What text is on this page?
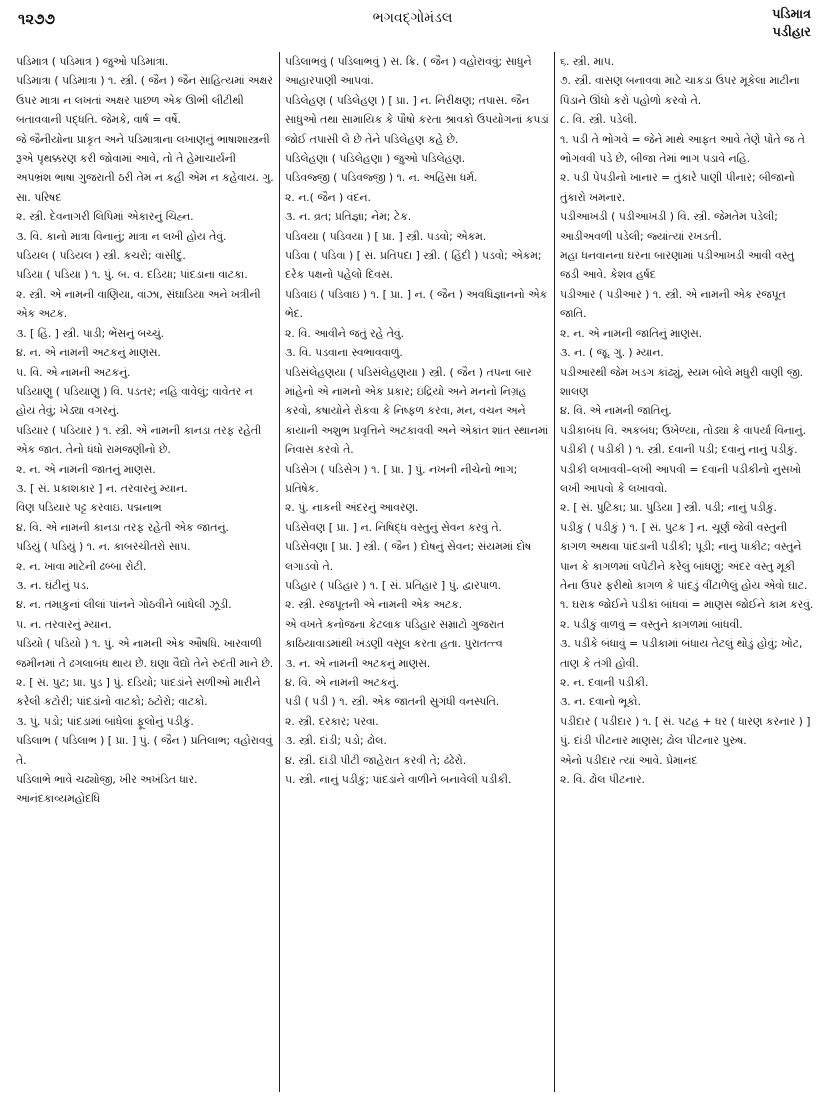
૧૨૭૭	ભગવદ્ગોમંડલ	પડિમાત્ર
પડીહાર

પડિમાત્ર ( પડિમાત્ર ) જુઓ પડિમાત્રા.

પડિમાત્રા ( પડિમાત્રા ) ૧. સ્ત્રી. ( જૈન ) જૈન સાહિત્યમાં અક્ષર ઉપર માત્રા ન લખતાં અક્ષર પાછળ એક ઊભી લીટીથી બતાવવાની પદ્ધતિ. જેમકે, વાર્ષ = વર્ષે.

જે જૈનીયોના પ્રાકૃત અને પડિમાત્રાના લખાણનું ભાષાશાસ્ત્રની રૂએ પૃથક્કરણ કરી જોવામાં આવે, તો તે હેમાચાર્યની અપભ્રંશ ભાષા ગુજરાતી ઠરી તેમ ન કહી એમ ન કહેવાય. ગુ. સા. પરિષદ

૨. સ્ત્રી. દેવનાગરી લિપિમાં એકારનું ચિહ્ન.

૩. વિ. કાનો માત્રા વિનાનું; માત્રા ન લખી હોય તેવું.

પડિયલ ( પડિયલ ) સ્ત્રી. કચરો; વાસીદું.

પડિયા ( પડિયા ) ૧. પું. બ. વ. દડિયા; પાંદડાના વાટકા.

૨. સ્ત્રી. એ નામની વાણિયા, વાંઝા, સંઘાડિયા અને ખત્રીની એક અટક.

૩. [ હિં. ] સ્ત્રી. પાડી; ભેંસનું બચ્ચું.

૪. ન. એ નામની અટકનું માણસ.

૫. વિ. એ નામની અટકનું.

પડિયાણુ ( પડિયાણુ ) વિ. પડતર; નહિ વાવેલું; વાવેતર ન હોય તેવું; ખેડ્યા વગરનું.

પડિયાર ( પડિયાર ) ૧. સ્ત્રી. એ નામની કાનડા તરફ રહેતી એક જાત. તેનો ધંધો રામજણીનો છે.

૨. ન. એ નામની જાતનું માણસ.

૩. [ સં. પ્રકાશકાર ] ન. તરવારનું મ્યાન.

વિણ પડિયાર પટ્ટ કરવાઇ. પદ્મનાભ

૪. વિ. એ નામની કાનડા તરફ રહેતી એક જાતનું.

પડિયું ( પડિયું ) ૧. ન. કાબરચીતરો સાપ.

૨. ન. ખાવા માટેની ઢબ્બા રોટી.

૩. ન. ઘંટીનું પડ.

૪. ન. તમાકુનાં લીલાં પાંનને ગોઠવીને બાંધેલી ઝૂડી.

૫. ન. તરવારનું મ્યાન.

પડિયો ( પડિયો ) ૧. પું. એ નામની એક ઔષધિ. ખારવાળી જમીનમાં તે ઢગલાબંધ થાય છે. ઘણા વૈદ્યો તેને રુદંતી માને છે.

૨. [ સં. પુટ; પ્રા. પુડ ] પું. દડિયો; પાંદડાંને સળીઓ મારીને કરેલી કટોરી; પાંદડાંનો વાટકો; ઠટોરો; વાટકો.

૩. પું. પડો; પાંદડામાં બાંધેલાં ફૂલોનું પડીકું.

પડિલાભ ( પડિલાભ ) [ પ્રા. ] પું. ( જૈન ) પ્રતિલાભ; વહોરાવવું તે.

પડિલાભે ભાવે ચઢ્યોજી, ખીર અખંડિત ધાર. આનંદકાવ્યમહોદધિ

પડિલાભવું ( પડિલાભવું ) સ. ક્રિ. ( જૈન ) વહોરાવવું; સાધુને આહારપાણી આપવાં.

પડિલેહણ ( પડિલેહણ ) [ પ્રા. ] ન. નિરીક્ષણ; તપાસ. જૈન સાધુઓ તથા સામાયિક કે પૌષો કરતા શ્રાવકો ઉપયોગનાં કપડાં જોઈ તપાસી લે છે તેને પડિલેહણ કહે છે.

પડિલેહણા ( પડિલેહણા ) જુઓ પડિલેહણ.

પડિવજ્જી ( પડિવજ્જી ) ૧. ન. અહિંસા ધર્મ.

૨. ન.( જૈન ) વંદન.

૩. ન. વ્રત; પ્રતિજ્ઞા; નેમ; ટેક.

પડિવયા ( પડિવયા ) [ પ્રા. ] સ્ત્રી. પડવો; એકમ.

પડિવા ( પડિવા ) [ સં. પ્રતિપદા ] સ્ત્રી. ( હિંદી ) પડવો; એકમ; દરેક પક્ષનો પહેલો દિવસ.

પડિવાઇ ( પડિવાઇ ) ૧. [ પ્રા. ] ન. ( જૈન ) અવધિજ્ઞાનનો એક ભેદ.

૨. વિ. આવીને જતું રહે તેવું.

૩. વિ. પડવાના સ્વભાવવાળું.

પડિસંલેહણયા ( પડિસંલેહણયા ) સ્ત્રી. ( જૈન ) તપના બાર માંહેનો એ નામનો એક પ્રકાર; ઇંદ્રિયો અને મનનો નિગ્રહ કરવો, કષાયોને રોકવા કે નિષ્ફળ કરવા, મન, વચન અને કાયાની અશુભ પ્રવૃત્તિને અટકાવવી અને એકાંત શાંત સ્થાનમાં નિવાસ કરવો તે.

પડિસેગ ( પડિસેગ ) ૧. [ પ્રા. ] પું. નખની નીચેનો ભાગ; પ્રતિષેક.

૨. પું. નાકની અંદરનું આવરણ.

પડિસેવણ [ પ્રા. ] ન. નિષિદ્ધ વસ્તુનું સેવન કરવું તે.

પડિસેવણા [ પ્રા. ] સ્ત્રી. ( જૈન ) દોષનું સેવન; સંયમમાં દોષ લગાડવો તે.

પડિહાર ( પડિહાર ) ૧. [ સં. પ્રતિહાર ] પું. દ્વારપાળ.

૨. સ્ત્રી. રજપૂતની એ નામની એક અટક.

એ વખતે કનોજના કેટલાક પડિહાર સમ્રાટો ગુજરાત કાઠિયાવાડમાંથી ખંડણી વસૂલ કરતા હતા. પુરાતત્ત્વ

૩. ન. એ નામની અટકનું માણસ.

૪. વિ. એ નામની અટકનું.

પડી ( પડી ) ૧. સ્ત્રી. એક જાતની સુગંધી વનસ્પતિ.

૨. સ્ત્રી. દરકાર; પરવા.

૩. સ્ત્રી. દાંડી; પડો; ઢોલ.

૪. સ્ત્રી. દાંડી પીટી જાહેરાત કરવી તે; ઢંઢેરો.

૫. સ્ત્રી. નાનું પડીકું; પાંદડાંને વાળીને બનાવેલી પડીકી.

૬. સ્ત્રી. માપ.

૭. સ્ત્રી. વાસણ બનાવવા માટે ચાકડા ઉપર મૂકેલા માટીના પિંડાને ઊંધો કરો પહોળો કરવો તે.

૮. વિ. સ્ત્રી. પડેલી.

૧. પડી તે ભોગવે = જેને માથે આફત આવે તેણે પોતે જ તે ભોગવવી પડે છે, બીજા તેમાં ભાગ પડાવે નહિ.

૨. પડી પેપડીનો ખાનાર = તુંકારે પાણી પીનાર; બીજાનો તુંકારો ખમનાર.

પડીઆખડી ( પડીઆખડી ) વિ. સ્ત્રી. જેમતેમ પડેલી; આડીઅવળી પડેલી; જ્યાંત્યાં રખડતી.

મહા ધનવાનના ઘરના બારણામાં પડીઆખડી આવી વસ્તુ જડી આવે. કેશવ હર્ષદ

પડીઆર ( પડીઆર ) ૧. સ્ત્રી. એ નામની એક રજપૂત જાતિ.

૨. ન. એ નામની જાતિનું માણસ.

૩. ન. ( જૂ. ગુ. ) મ્યાન.

પડીઆરથી જેમ ખડગ કાંઢ્યું, સ્યમ બોલે મધુરી વાણી જી. શાલણ

૪. વિ. એ નામની જાતિનું.

પડીકાબંધ વિ. અકબંધ; ઉખેળ્યા, તોડ્યા કે વાપર્યા વિનાનું.

પડીકી ( પડીકી ) ૧. સ્ત્રી. દવાની પડી; દવાનું નાનું પડીકું.

પડીકી લખાવવી–લખી આપવી = દવાની પડીકીનો નુસખો લખી આપવો કે લખાવવો.

૨. [ સં. પુટિકા; પ્રા. પુડિયા ] સ્ત્રી. પડી; નાનું પડીકું.

પડીકું ( પડીકું ) ૧. [ સં. પુટક ] ન. ચૂર્ણ જેવી વસ્તુની કાગળ અથવા પાંદડાની પડીકી; પૂડી; નાનું પાકીટ; વસ્તુને પાન કે કાગળમાં લપેટીને કરેલું બાંધણું; અંદર વસ્તુ મૂકી તેના ઉપર ફરીથો કાગળ કે પાંદડું વીંટાળેલું હોય એવો ઘાટ.

૧. ઘરાક જોઈને પડીકાં બાંધવાં = માણસ જોઈને કામ કરવું.

૨. પડીકું વાળવું = વસ્તુને કાગળમાં બાંધવી.

૩. પડીકે બંધાવું = પડીકામાં બંધાય તેટલું થોડું હોવું; ખોટ, તાણ કે તંગી હોવી.

૨. ન. દવાની પડીકી.

૩. ન. દવાનો ભૂકો.

પડીદાર ( પડીદાર ) ૧. [ સં. પટહ + ધર ( ધારણ કરનાર ) ] પું. દાંડી પીટનાર માણસ; ઢોલ પીટનાર પુરુષ.

એનો પડીદાર ત્યાં આવે. પ્રેમાનંદ

૨. વિ. ઢોલ પીટનાર.
